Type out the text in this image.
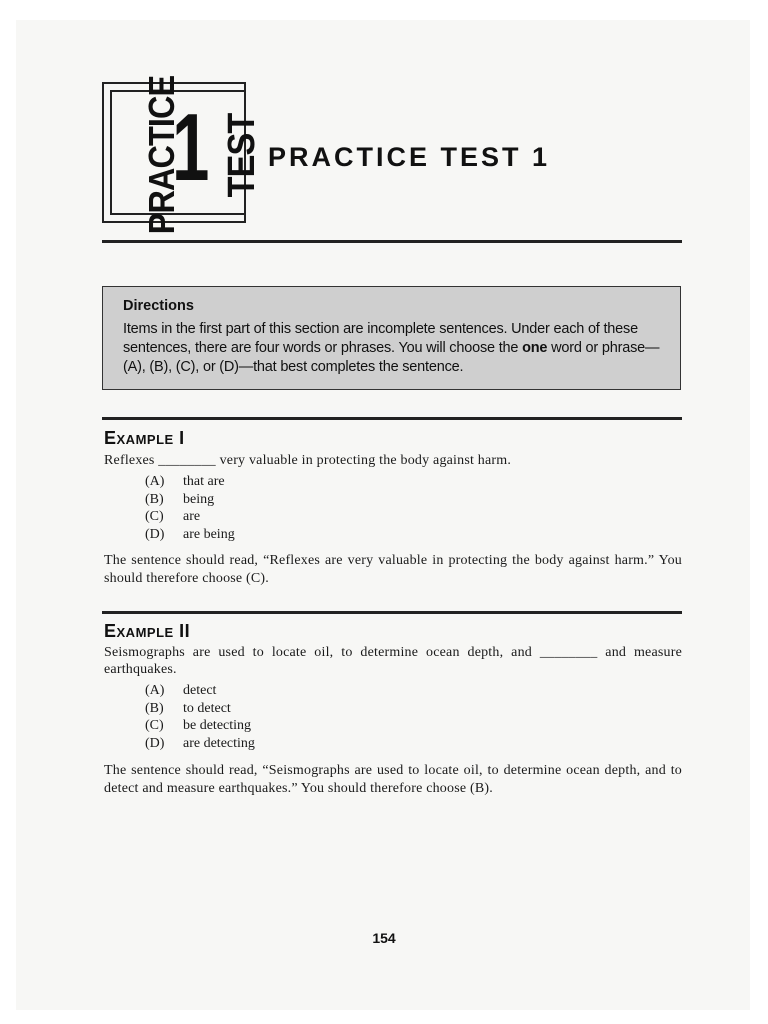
PRACTICE
1 TEST PRACTICE TEST 1

Directions

Items in the first part of this section are incomplete sentences. Under each of these sentences, there are four words or phrases. You will choose the one word or phrase—(A), (B), (C), or (D)—that best completes the sentence.

Example I

Reflexes ________ very valuable in protecting the body against harm.

(A)	that are
(B)	being
(C)	are
(D)	are being

The sentence should read, “Reflexes are very valuable in protecting the body against harm.” You should therefore choose (C).

Example II

Seismographs are used to locate oil, to determine ocean depth, and ________ and measure earthquakes.

(A)	detect
(B)	to detect
(C)	be detecting
(D)	are detecting

The sentence should read, “Seismographs are used to locate oil, to determine ocean depth, and to detect and measure earthquakes.” You should therefore choose (B).

154
